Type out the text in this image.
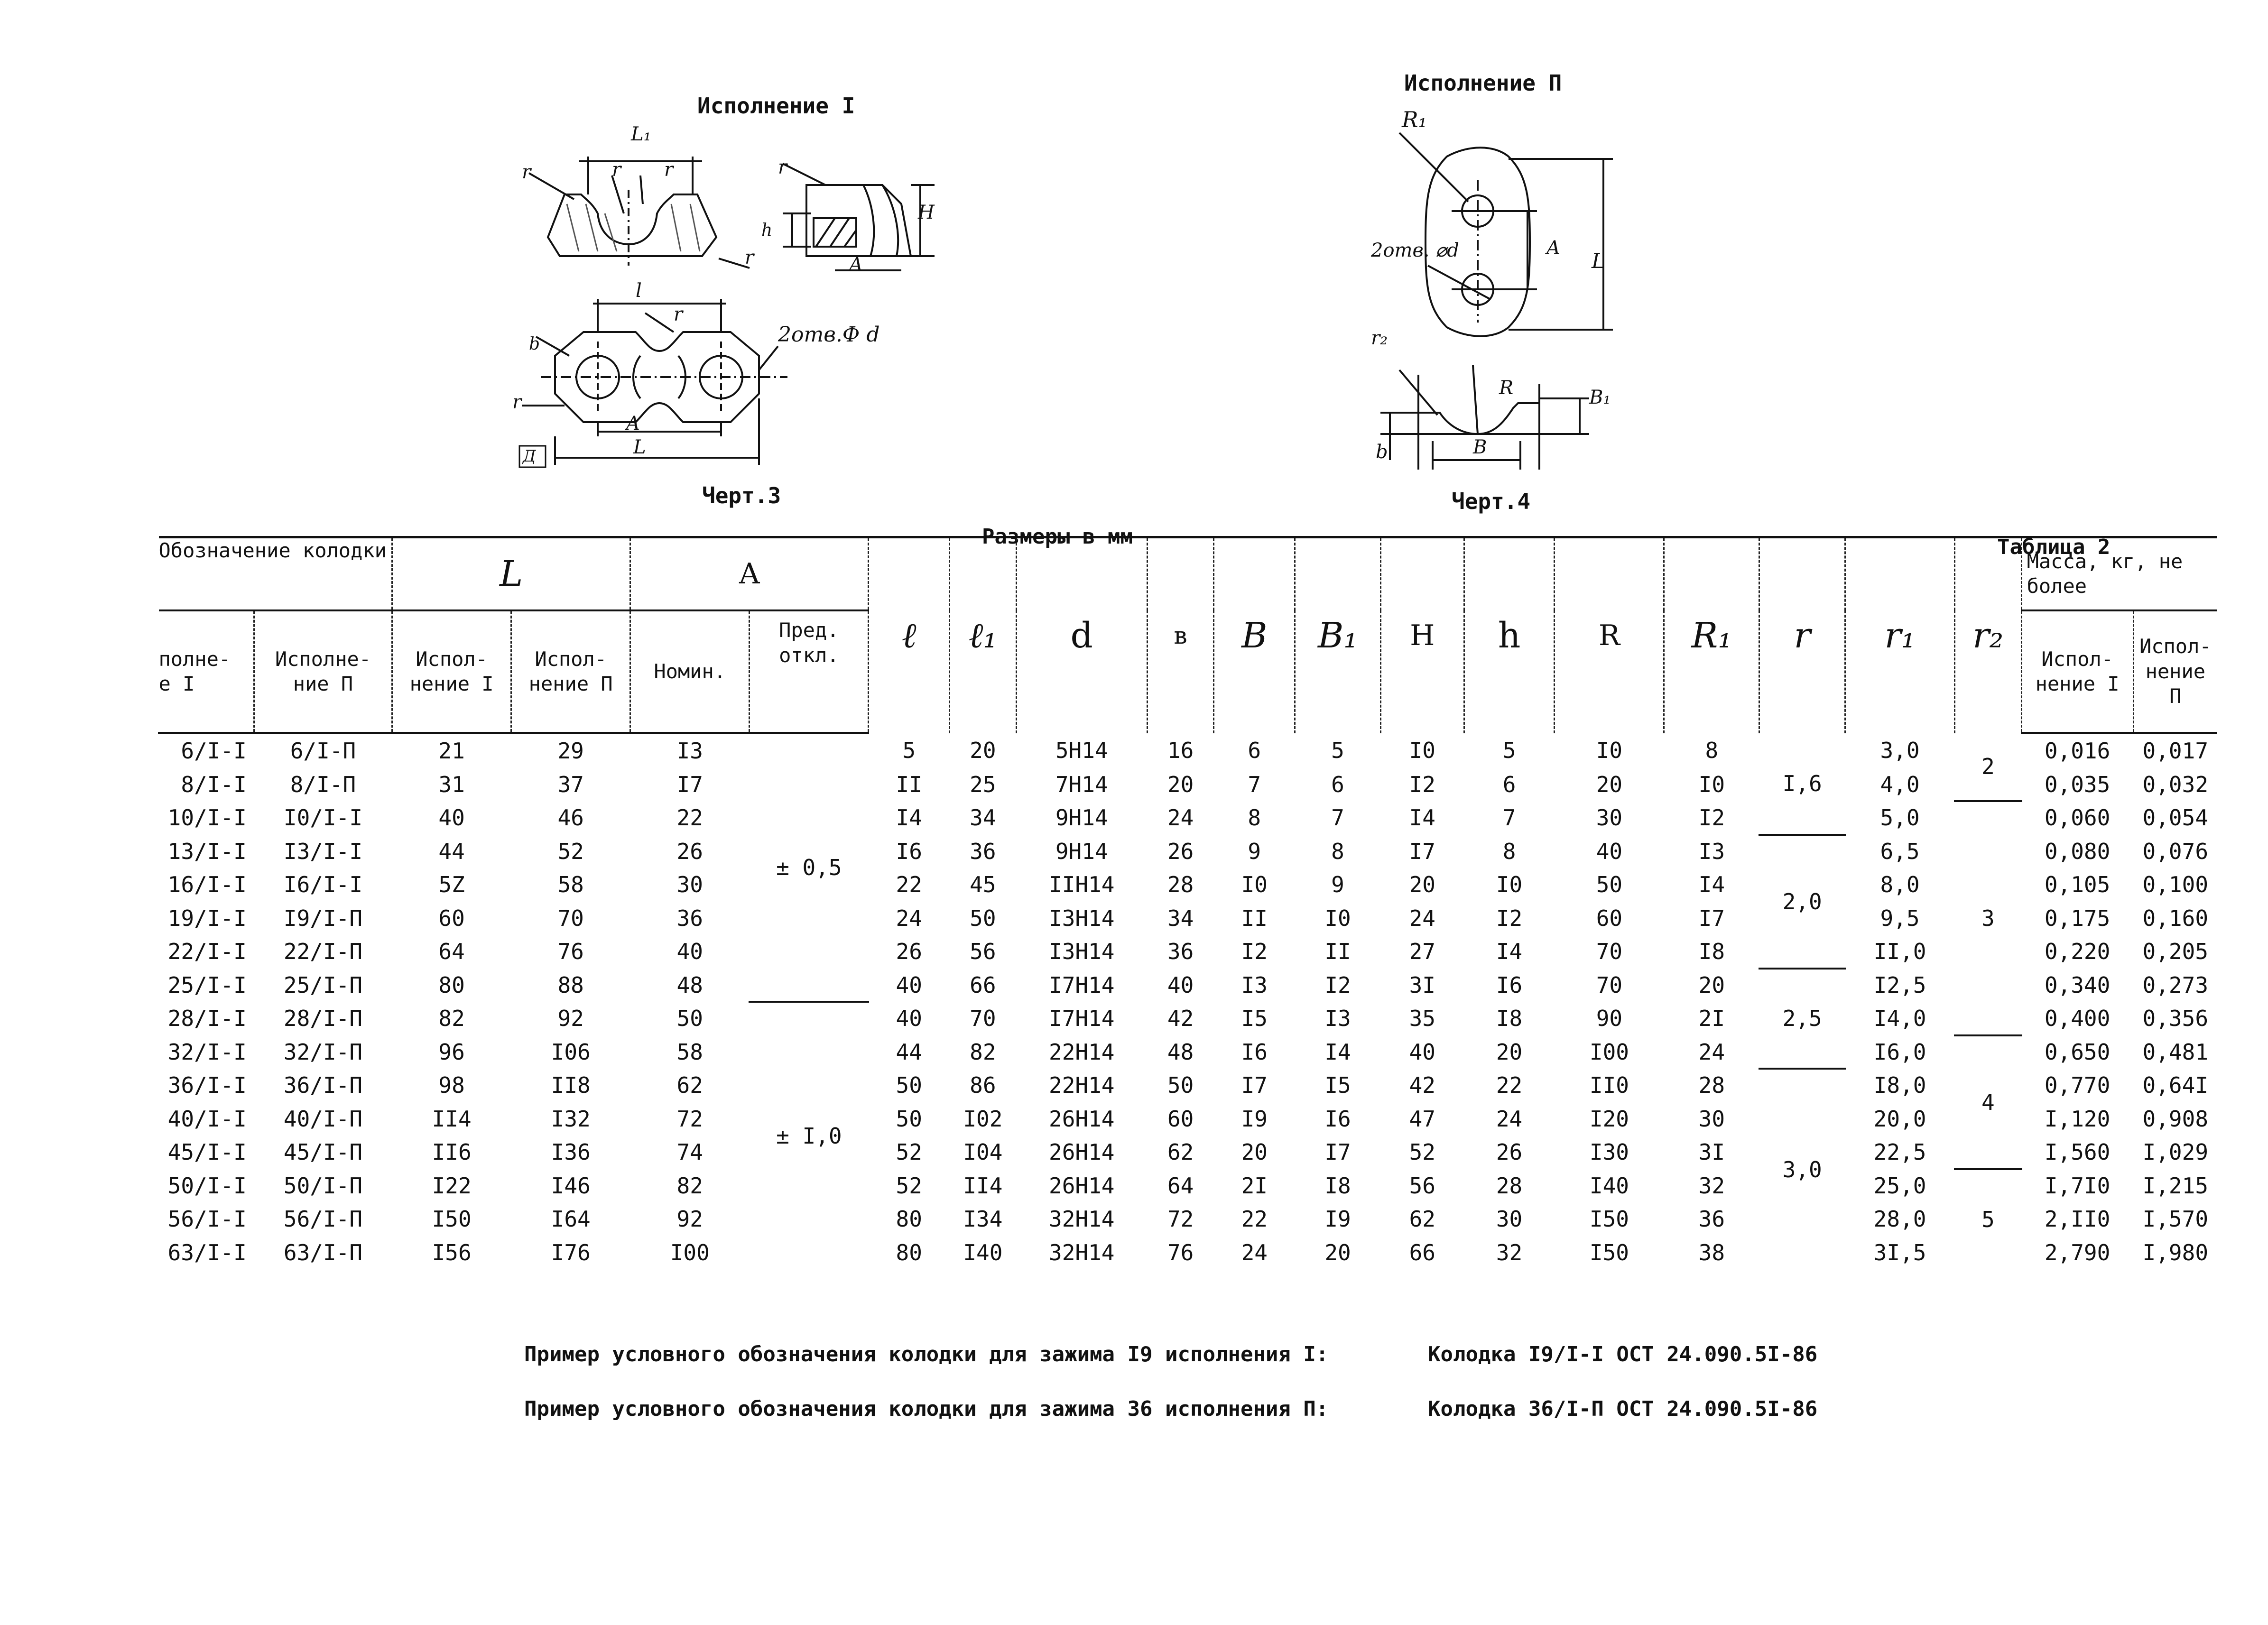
Исполнение I
Исполнение П
L₁
r	r r
r
r
h
H
A
l
r
2отв.Ф d
b
r
A
L
Д
Черт.3
R₁
2отв. ⌀d	A
L
r₂
R	B₁
b	B
Черт.4
Размеры в мм	Таблица 2
Обозначение колодки		L		A		ℓ	ℓ₁	d	в	B	B₁	H	h	R	R₁	r	r₁	r₂	Масса, кг, не более	
полне- е I	Исполне- ние П	Испол- нение I	Испол- нение П	Номин.	Пред. откл.														Испол- нение I	Испол- нение П
6/I-I	6/I-П	21	29	I3	± 0,5	5	20	5H14	16	6	5	I0	5	I0	8	I,6	3,0	2	0,016	0,017
8/I-I	8/I-П	31	37	I7		II	25	7H14	20	7	6	I2	6	20	I0		4,0		0,035	0,032
10/I-I	I0/I-I	40	46	22		I4	34	9H14	24	8	7	I4	7	30	I2		5,0	3	0,060	0,054
13/I-I	I3/I-I	44	52	26		I6	36	9H14	26	9	8	I7	8	40	I3	2,0	6,5		0,080	0,076
16/I-I	I6/I-I	5Z	58	30		22	45	IIH14	28	I0	9	20	I0	50	I4		8,0		0,105	0,100
19/I-I	I9/I-П	60	70	36		24	50	I3H14	34	II	I0	24	I2	60	I7		9,5		0,175	0,160
22/I-I	22/I-П	64	76	40		26	56	I3H14	36	I2	II	27	I4	70	I8		II,0		0,220	0,205
25/I-I	25/I-П	80	88	48		40	66	I7H14	40	I3	I2	3I	I6	70	20	2,5	I2,5		0,340	0,273
28/I-I	28/I-П	82	92	50	± I,0	40	70	I7H14	42	I5	I3	35	I8	90	2I		I4,0		0,400	0,356
32/I-I	32/I-П	96	I06	58		44	82	22H14	48	I6	I4	40	20	I00	24		I6,0	4	0,650	0,481
36/I-I	36/I-П	98	II8	62		50	86	22H14	50	I7	I5	42	22	II0	28	3,0	I8,0		0,770	0,64I
40/I-I	40/I-П	II4	I32	72		50	I02	26H14	60	I9	I6	47	24	I20	30		20,0		I,120	0,908
45/I-I	45/I-П	II6	I36	74		52	I04	26H14	62	20	I7	52	26	I30	3I		22,5		I,560	I,029
50/I-I	50/I-П	I22	I46	82		52	II4	26H14	64	2I	I8	56	28	I40	32		25,0	5	I,7I0	I,215
56/I-I	56/I-П	I50	I64	92		80	I34	32H14	72	22	I9	62	30	I50	36		28,0		2,II0	I,570
63/I-I	63/I-П	I56	I76	I00		80	I40	32H14	76	24	20	66	32	I50	38		3I,5		2,790	I,980
Пример условного обозначения колодки для зажима I9 исполнения I:	Колодка I9/I-I ОСТ 24.090.5I-86
Пример условного обозначения колодки для зажима 36 исполнения П:	Колодка 36/I-П ОСТ 24.090.5I-86
